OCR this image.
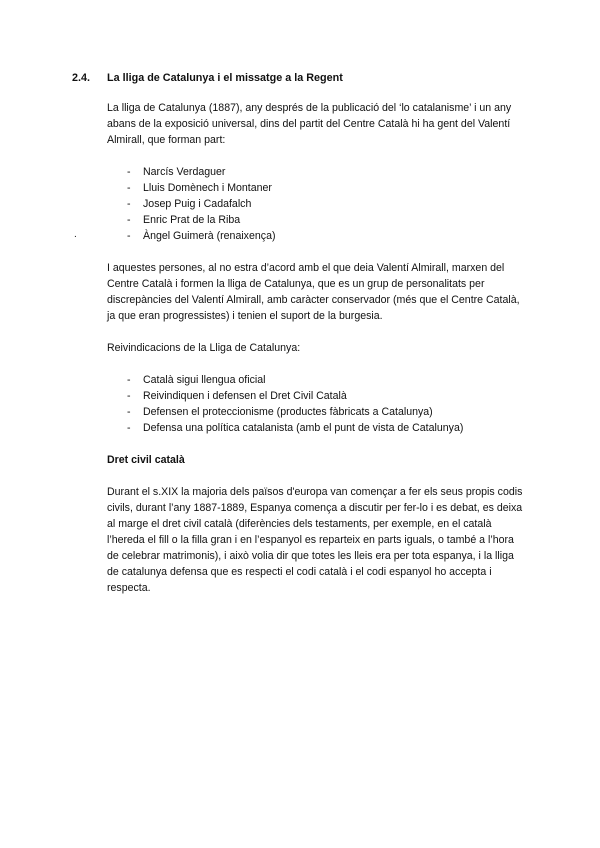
2.4. La lliga de Catalunya i el missatge a la Regent
.

La lliga de Catalunya (1887), any després de la publicació del ‘lo catalanisme’ i un any abans de la exposició universal, dins del partit del Centre Català hi ha gent del Valentí Almirall, que forman part:

- Narcís Verdaguer
- Lluis Domènech i Montaner
- Josep Puig i Cadafalch
- Enric Prat de la Riba
- Àngel Guimerà (renaixença)

I aquestes persones, al no estra d’acord amb el que deia Valentí Almirall, marxen del Centre Català i formen la lliga de Catalunya, que es un grup de personalitats per discrepàncies del Valentí Almirall, amb caràcter conservador (més que el Centre Català, ja que eran progressistes) i tenien el suport de la burgesia.

Reivindicacions de la Lliga de Catalunya:

- Català sigui llengua oficial
- Reivindiquen i defensen el Dret Civil Català
- Defensen el proteccionisme (productes fàbricats a Catalunya)
- Defensa una política catalanista (amb el punt de vista de Catalunya)

Dret civil català

Durant el s.XIX la majoria dels països d'europa van començar a fer els seus propis codis civils, durant l’any 1887-1889, Espanya comença a discutir per fer-lo i es debat, es deixa al marge el dret civil català (diferències dels testaments, per exemple, en el català l’hereda el fill o la filla gran i en l’espanyol es reparteix en parts iguals, o també a l’hora de celebrar matrimonis), i això volia dir que totes les lleis era per tota espanya, i la lliga de catalunya defensa que es respecti el codi català i el codi espanyol ho accepta i respecta.
